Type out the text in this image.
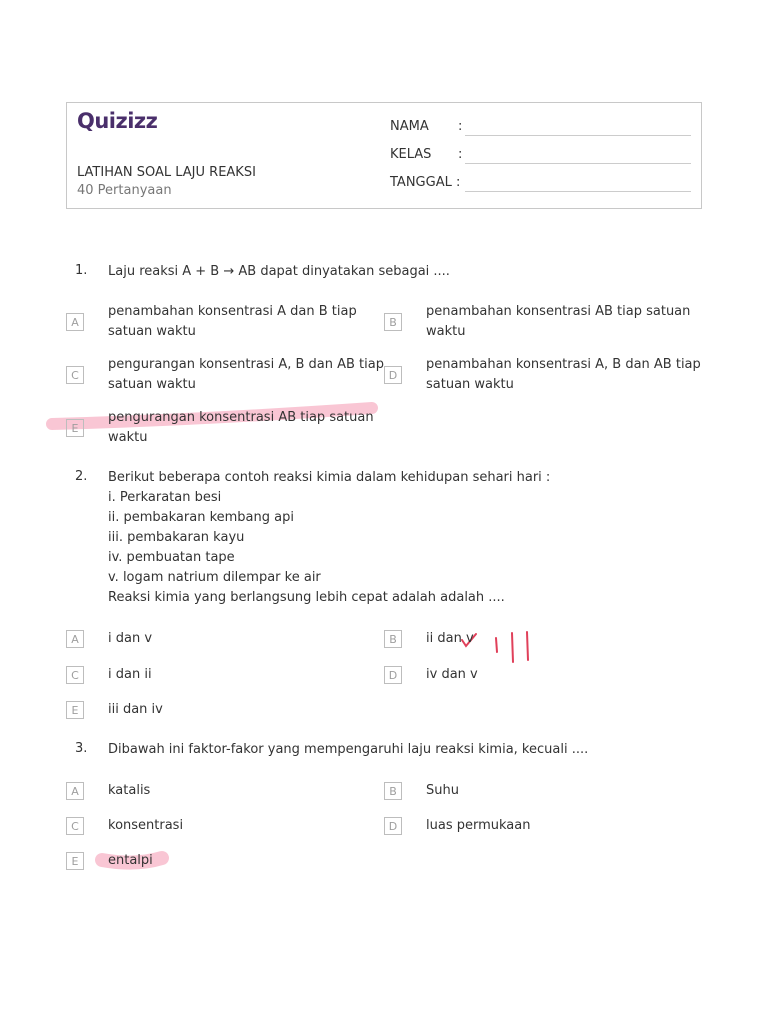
Quizizz
LATIHAN SOAL LAJU REAKSI
40 Pertanyaan
NAMA :
KELAS :
TANGGAL :
1. Laju reaksi A + B → AB dapat dinyatakan sebagai ....
A
penambahan konsentrasi A dan B tiap
satuan waktu
B
penambahan konsentrasi AB tiap satuan
waktu
C
pengurangan konsentrasi A, B dan AB tiap
satuan waktu
D
penambahan konsentrasi A, B dan AB tiap
satuan waktu
E
pengurangan konsentrasi AB tiap satuan
waktu
2. Berikut beberapa contoh reaksi kimia dalam kehidupan sehari hari :
i. Perkaratan besi
ii. pembakaran kembang api
iii. pembakaran kayu
iv. pembuatan tape
v. logam natrium dilempar ke air
Reaksi kimia yang berlangsung lebih cepat adalah adalah ....
A	i dan v	B	ii dan v
C	i dan ii	D	iv dan v
E	iii dan iv
3. Dibawah ini faktor-fakor yang mempengaruhi laju reaksi kimia, kecuali ....
A	katalis	B	Suhu
C	konsentrasi	D	luas permukaan
E	entalpi
